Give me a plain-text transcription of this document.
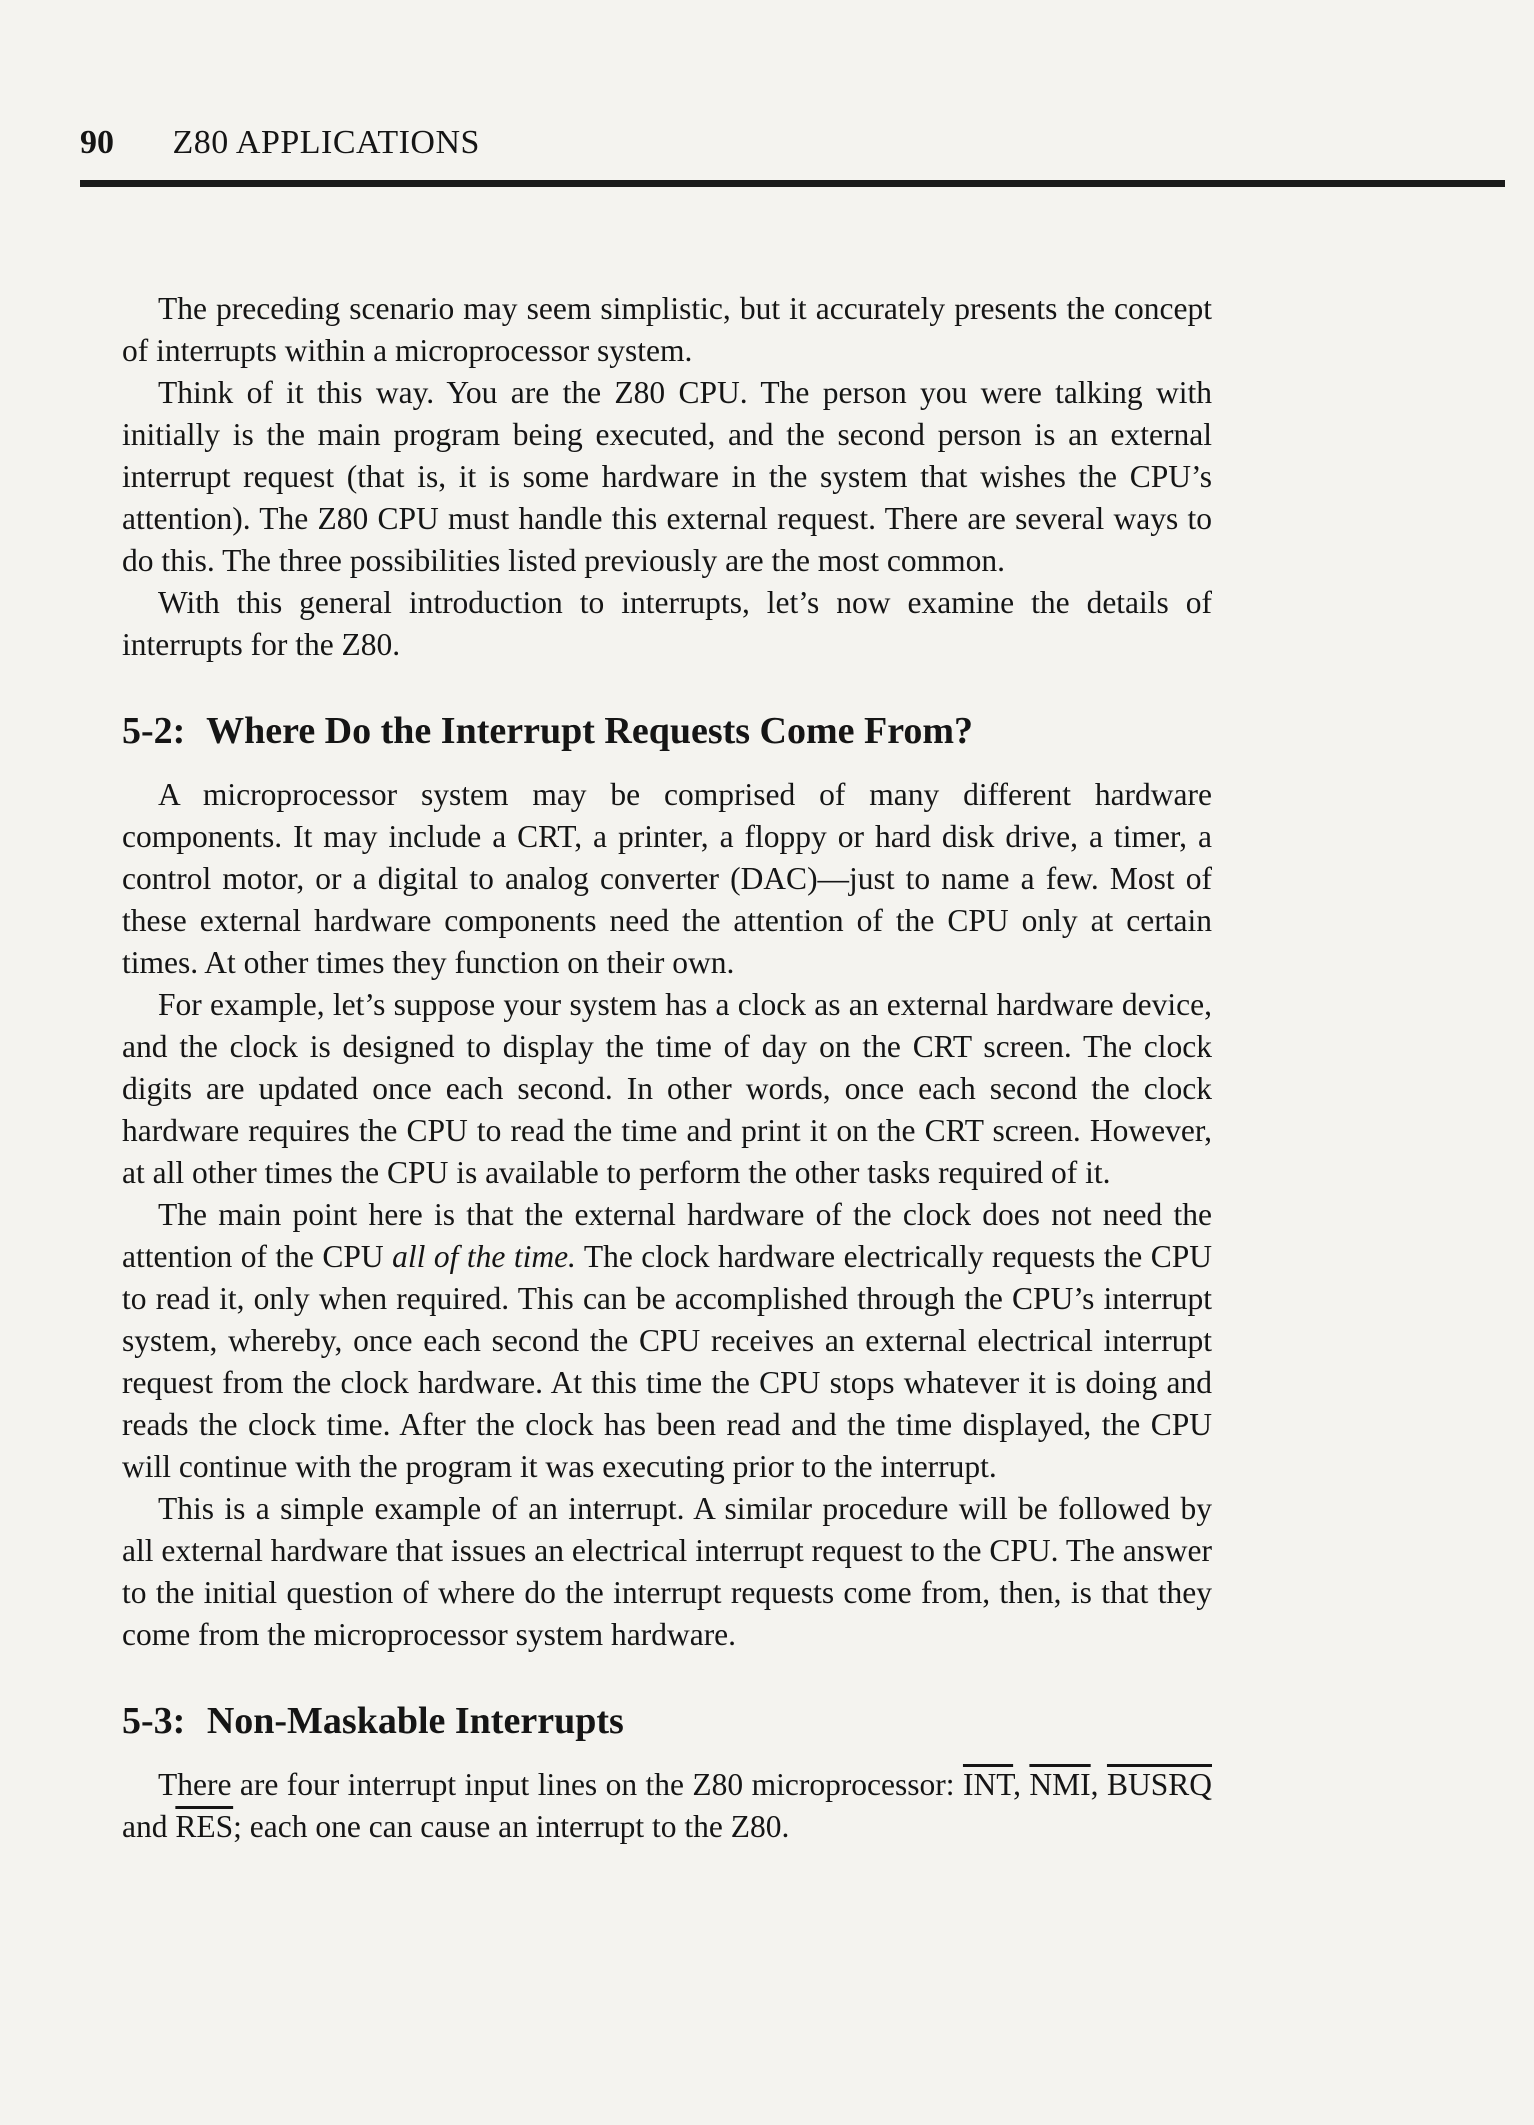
90 Z80 APPLICATIONS

The preceding scenario may seem simplistic, but it accurately presents the concept of interrupts within a microprocessor system.

Think of it this way. You are the Z80 CPU. The person you were talking with initially is the main program being executed, and the second person is an external interrupt request (that is, it is some hardware in the system that wishes the CPU’s attention). The Z80 CPU must handle this external request. There are several ways to do this. The three possibilities listed previously are the most common.

With this general introduction to interrupts, let’s now examine the details of interrupts for the Z80.

5-2: Where Do the Interrupt Requests Come From?

A microprocessor system may be comprised of many different hardware components. It may include a CRT, a printer, a floppy or hard disk drive, a timer, a control motor, or a digital to analog converter (DAC)—just to name a few. Most of these external hardware components need the attention of the CPU only at certain times. At other times they function on their own.

For example, let’s suppose your system has a clock as an external hardware device, and the clock is designed to display the time of day on the CRT screen. The clock digits are updated once each second. In other words, once each second the clock hardware requires the CPU to read the time and print it on the CRT screen. However, at all other times the CPU is available to perform the other tasks required of it.

The main point here is that the external hardware of the clock does not need the attention of the CPU all of the time. The clock hardware electrically requests the CPU to read it, only when required. This can be accomplished through the CPU’s interrupt system, whereby, once each second the CPU receives an external electrical interrupt request from the clock hardware. At this time the CPU stops whatever it is doing and reads the clock time. After the clock has been read and the time displayed, the CPU will continue with the program it was executing prior to the interrupt.

This is a simple example of an interrupt. A similar procedure will be followed by all external hardware that issues an electrical interrupt request to the CPU. The answer to the initial question of where do the interrupt requests come from, then, is that they come from the microprocessor system hardware.

5-3: Non-Maskable Interrupts

There are four interrupt input lines on the Z80 microprocessor: $\overline{INT}$, $\overline{NMI}$, BUSRQ and $\overline{RES}$; each one can cause an interrupt to the Z80.
